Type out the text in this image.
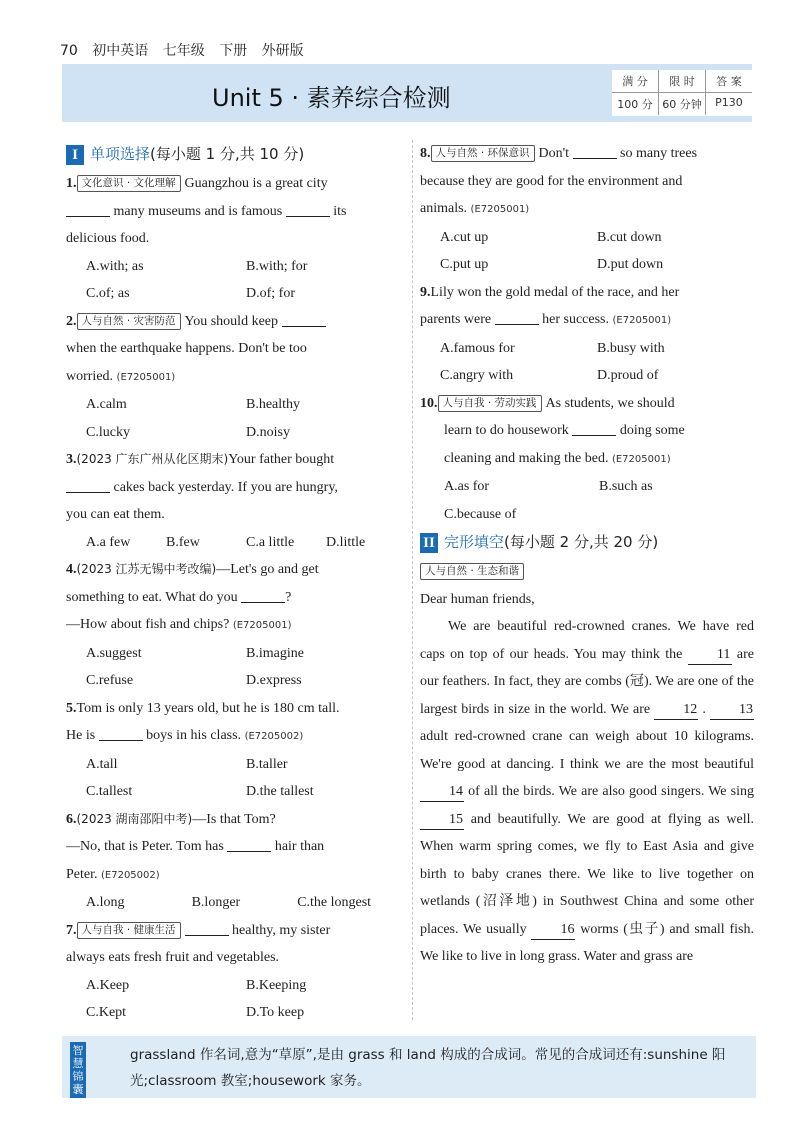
70 初中英语 七年级 下册 外研版
Unit 5 · 素养综合检测
满 分	限 时	答 案
100 分 60 分钟	P130
I 单项选择 (每小题 1 分,共 10 分)

1. 文化意识 · 文化理解 Guangzhou is a great city

many museums and is famous	its

delicious food.

A.with; as	B.with; for
C.of; as	D.of; for

2. 人与自然 · 灾害防范 You should keep

when the earthquake happens. Don't be too

worried. (E7205001)

A.calm	B.healthy
C.lucky	D.noisy

3.(2023 广东广州从化区期末)Your father bought

cakes back yesterday. If you are hungry,

you can eat them.

A.a few	B.few	C.a little	D.little

4.(2023 江苏无锡中考改编)—Let's go and get

something to eat. What do you	?

—How about fish and chips? (E7205001)

A.suggest	B.imagine
C.refuse	D.express

5.Tom is only 13 years old, but he is 180 cm tall.

He is	boys in his class. (E7205002)

A.tall	B.taller
C.tallest	D.the tallest

6.(2023 湖南邵阳中考)—Is that Tom?

—No, that is Peter. Tom has	hair than

Peter. (E7205002)

A.long	B.longer	C.the longest

7. 人与自我 · 健康生活	healthy, my sister

always eats fresh fruit and vegetables.

A.Keep	B.Keeping
C.Kept	D.To keep

8. 人与自然 · 环保意识 Don't	so many trees

because they are good for the environment and

animals. (E7205001)

A.cut up	B.cut down
C.put up	D.put down

9.Lily won the gold medal of the race, and her

parents were	her success. (E7205001)

A.famous for	B.busy with
C.angry with	D.proud of

10. 人与自我 · 劳动实践 As students, we should

learn to do housework	doing some

cleaning and making the bed. (E7205001)

A.as for	B.such as
C.because of
II 完形填空 (每小题 2 分,共 20 分)
人与自然 · 生态和谐
Dear human friends,

We are beautiful red-crowned cranes. We have red caps on top of our heads. You may think the 11 are our feathers. In fact, they are combs (冠). We are one of the largest birds in size in the world. We are 12 . 13 adult red-crowned crane can weigh about 10 kilograms. We're good at dancing. I think we are the most beautiful 14 of all the birds. We are also good singers. We sing 15 and beautifully. We are good at flying as well. When warm spring comes, we fly to East Asia and give birth to baby cranes there. We like to live together on wetlands (沼泽地) in Southwest China and some other places. We usually 16 worms (虫子) and small fish. We like to live in long grass. Water and grass are

智慧锦囊
grassland 作名词,意为“草原”,是由 grass 和 land 构成的合成词。常见的合成词还有:sunshine 阳光;classroom 教室;housework 家务。
